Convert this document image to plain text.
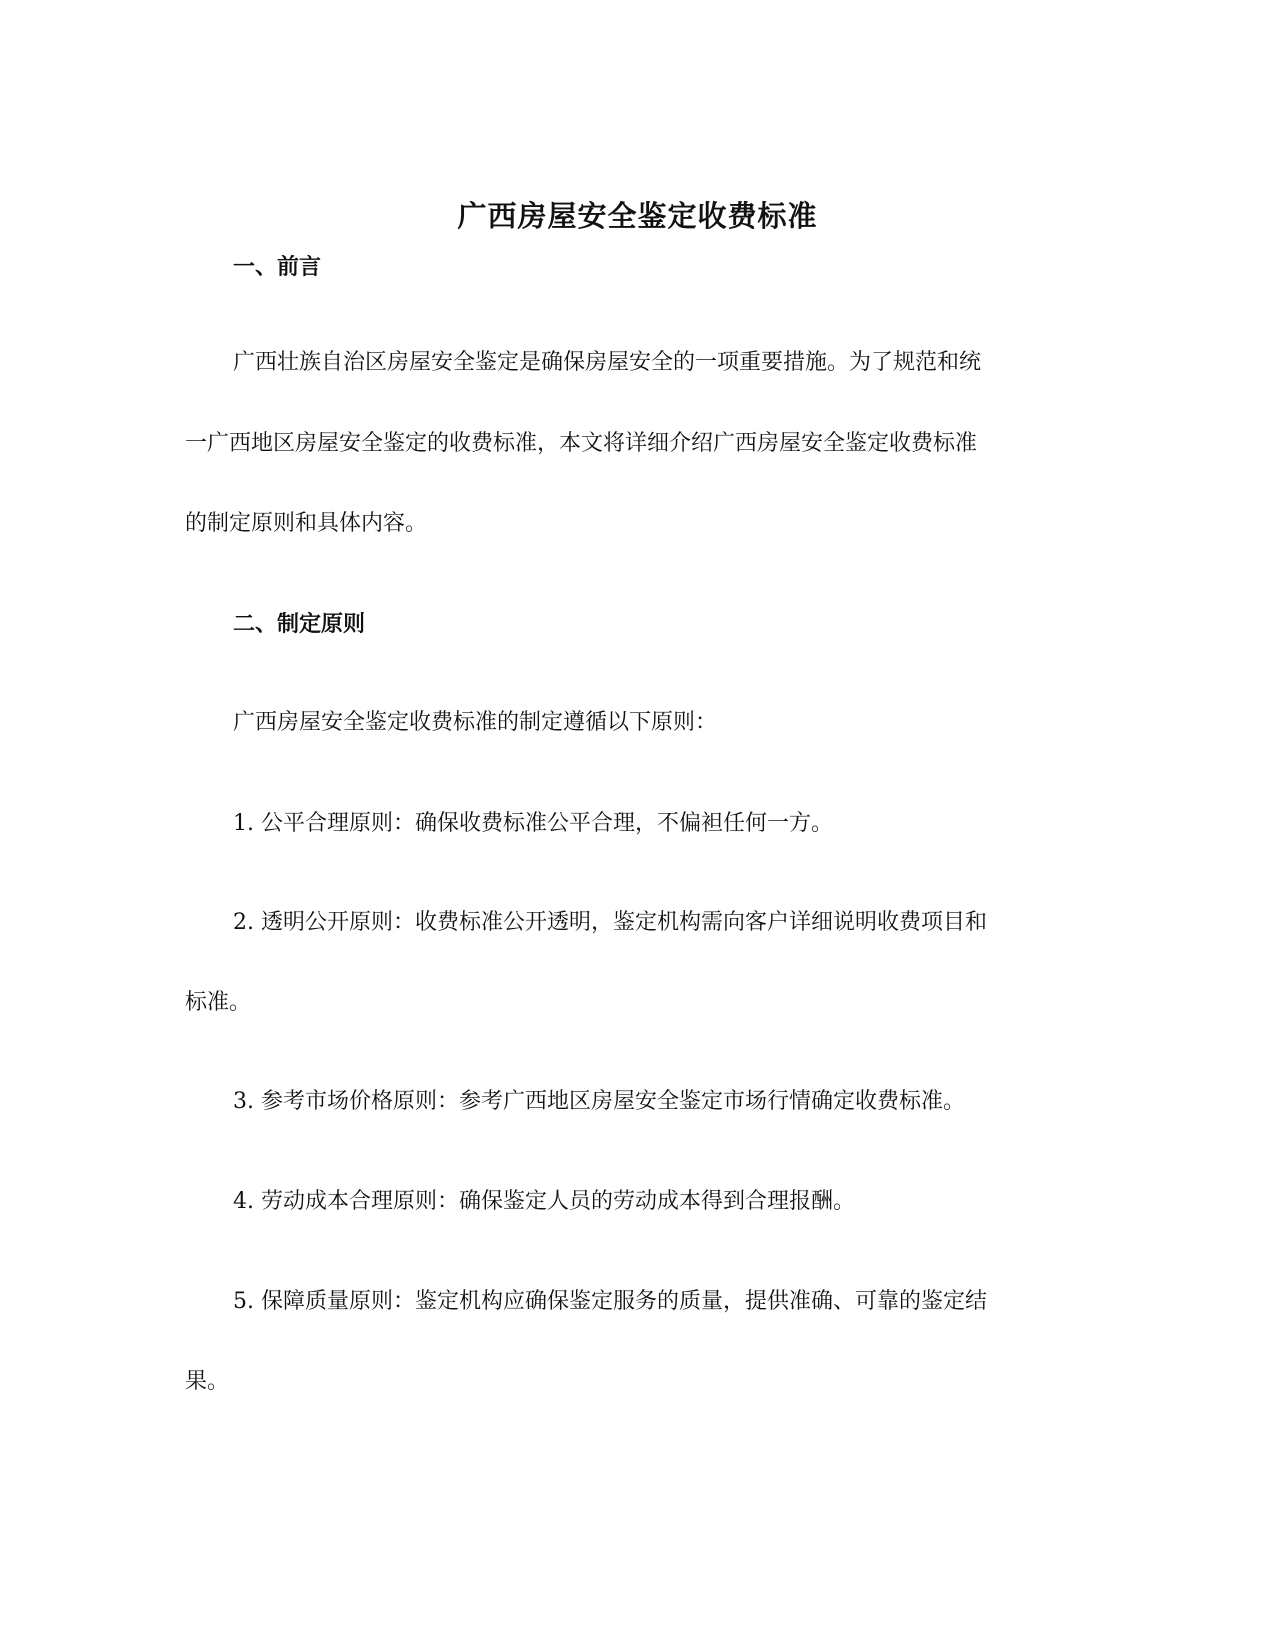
广西房屋安全鉴定收费标准
一、前言
广西壮族自治区房屋安全鉴定是确保房屋安全的一项重要措施。为了规范和统
一广西地区房屋安全鉴定的收费标准，本文将详细介绍广西房屋安全鉴定收费标准
的制定原则和具体内容。
二、制定原则
广西房屋安全鉴定收费标准的制定遵循以下原则：
1. 公平合理原则：确保收费标准公平合理，不偏袒任何一方。
2. 透明公开原则：收费标准公开透明，鉴定机构需向客户详细说明收费项目和
标准。
3. 参考市场价格原则：参考广西地区房屋安全鉴定市场行情确定收费标准。
4. 劳动成本合理原则：确保鉴定人员的劳动成本得到合理报酬。
5. 保障质量原则：鉴定机构应确保鉴定服务的质量，提供准确、可靠的鉴定结
果。
